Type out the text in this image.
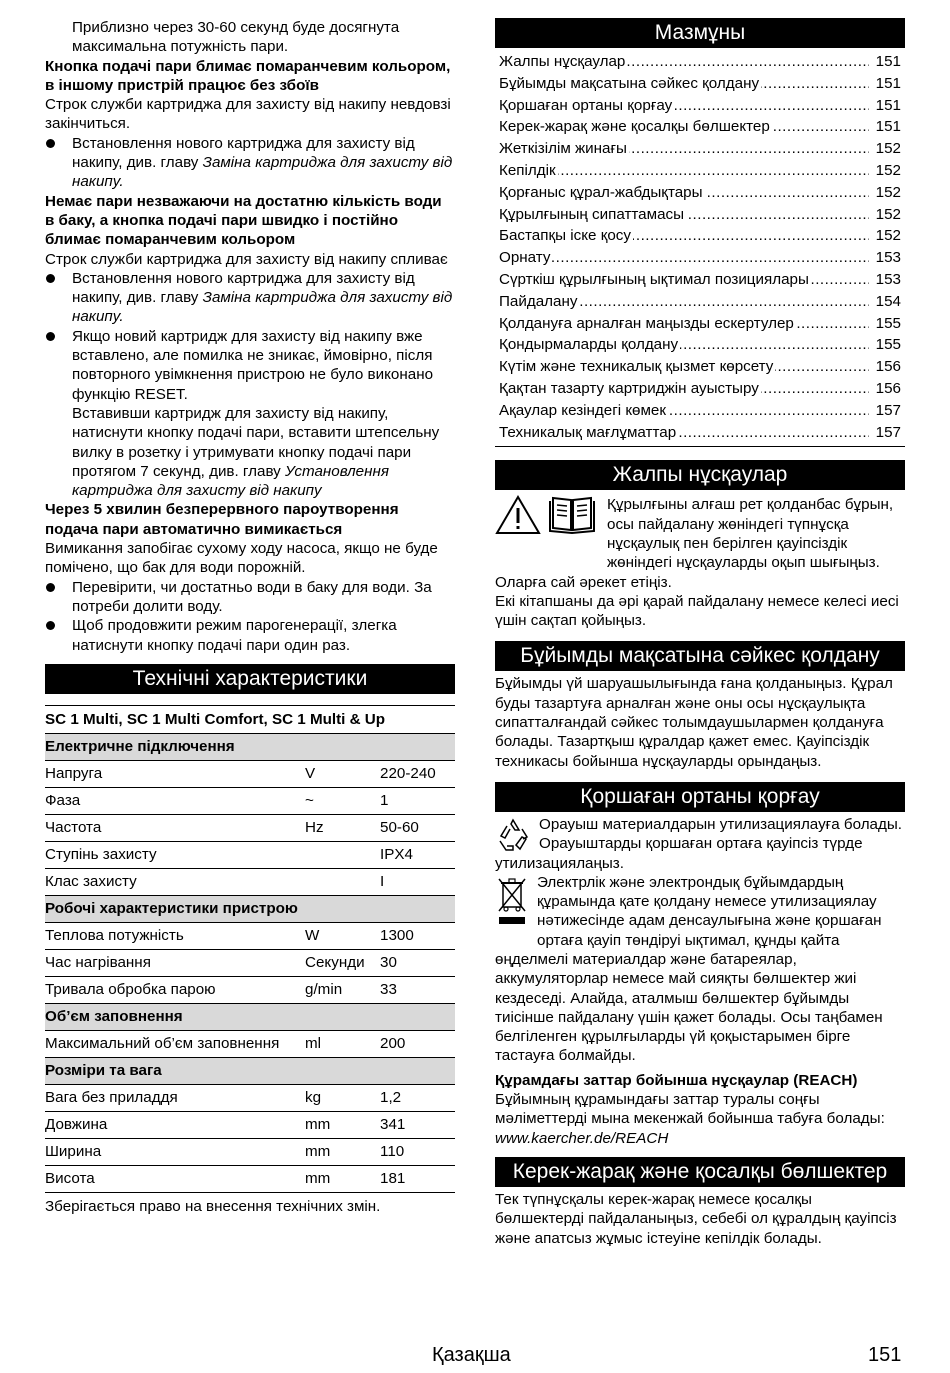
Приблизно через 30-60 секунд буде досягнута максимальна потужність пари.

Кнопка подачі пари блимає помаранчевим кольором, в іншому пристрій працює без збоїв

Строк служби картриджа для захисту від накипу невдовзі закінчиться.

Встановлення нового картриджа для захисту від накипу, див. главу Заміна картриджа для захисту від накипу.

Немає пари незважаючи на достатню кількість води в баку, а кнопка подачі пари швидко і постійно блимає помаранчевим кольором

Строк служби картриджа для захисту від накипу спливає

Встановлення нового картриджа для захисту від накипу, див. главу Заміна картриджа для захисту від накипу.

Якщо новий картридж для захисту від накипу вже вставлено, але помилка не зникає, ймовірно, після повторного увімкнення пристрою не було виконано функцію RESET.

Вставивши картридж для захисту від накипу, натиснути кнопку подачі пари, вставити штепсельну вилку в розетку і утримувати кнопку подачі пари протягом 7 секунд, див. главу Установлення картриджа для захисту від накипу

Через 5 хвилин безперервного пароутворення подача пари автоматично вимикається

Вимикання запобігає сухому ходу насоса, якщо не буде помічено, що бак для води порожній.

Перевірити, чи достатньо води в баку для води. За потреби долити воду.

Щоб продовжити режим парогенерації, злегка натиснути кнопку подачі пари один раз.

Технічні характеристики
SC 1 Multi, SC 1 Multi Comfort, SC 1 Multi & Up		
Електричне підключення		
Напруга	V	220-240
Фаза	~	1
Частота	Hz	50-60
Ступінь захисту		IPX4
Клас захисту		I
Робочі характеристики пристрою		
Теплова потужність	W	1300
Час нагрівання	Секунди	30
Тривала обробка парою	g/min	33
Об’єм заповнення		
Максимальний об’єм заповнення	ml	200
Розміри та вага		
Вага без приладдя	kg	1,2
Довжина	mm	341
Ширина	mm	110
Висота	mm	181

Зберігається право на внесення технічних змін.

Мазмұны
Жалпы нұсқаулар .....	151
Бұйымды мақсатына сәйкес қолдану .....	151
Қоршаған ортаны қорғау .....	151
Керек-жарақ және қосалқы бөлшектер .....	151
Жеткізілім жинағы .....	152
Кепілдік .....	152
Қорғаныс құрал-жабдықтары .....	152
Құрылғының сипаттамасы .....	152
Бастапқы іске қосу .....	152
Орнату .....	153
Сүрткіш құрылғының ықтимал позициялары .....	153
Пайдалану .....	154
Қолдануға арналған маңызды ескертулер .....	155
Қондырмаларды қолдану .....	155
Күтім және техникалық қызмет көрсету .....	156
Қақтан тазарту картриджін ауыстыру .....	156
Ақаулар кезіндегі көмек .....	157
Техникалық мағлұматтар .....	157
Жалпы нұсқаулар

Құрылғыны алғаш рет қолданбас бұрын, осы пайдалану жөніндегі түпнұсқа нұсқаулық пен берілген қауіпсіздік жөніндегі нұсқауларды оқып шығыңыз. Оларға сай әрекет етіңіз.

Екі кітапшаны да әрі қарай пайдалану немесе келесі иесі үшін сақтап қойыңыз.

Бұйымды мақсатына сәйкес қолдану

Бұйымды үй шаруашылығында ғана қолданыңыз. Құрал буды тазартуға арналған және оны осы нұсқаулықта сипатталғандай сәйкес толымдаушылармен қолдануға болады. Тазартқыш құралдар қажет емес. Қауіпсіздік техникасы бойынша нұсқауларды орындаңыз.

Қоршаған ортаны қорғау

Орауыш материалдарын утилизациялауға болады. Орауыштарды қоршаған ортаға қауіпсіз түрде утилизациялаңыз.

Электрлік және электрондық бұйымдардың құрамында қате қолдану немесе утилизациялау нәтижесінде адам денсаулығына және қоршаған ортаға қауіп төндіруі ықтимал, құнды қайта өңделмелі материалдар және батареялар, аккумуляторлар немесе май сияқты бөлшектер жиі кездеседі. Алайда, аталмыш бөлшектер бұйымды тиісінше пайдалану үшін қажет болады. Осы таңбамен белгіленген құрылғыларды үй қоқыстарымен бірге тастауға болмайды.

Құрамдағы заттар бойынша нұсқаулар (REACH)

Бұйымның құрамындағы заттар туралы соңғы мәліметтерді мына мекенжай бойынша табуға болады: www.kaercher.de/REACH

Керек-жарақ және қосалқы бөлшектер

Тек түпнұсқалы керек-жарақ немесе қосалқы бөлшектерді пайдаланыңыз, себебі ол құралдың қауіпсіз және апатсыз жұмыс істеуіне кепілдік болады.

Қазақша	151
